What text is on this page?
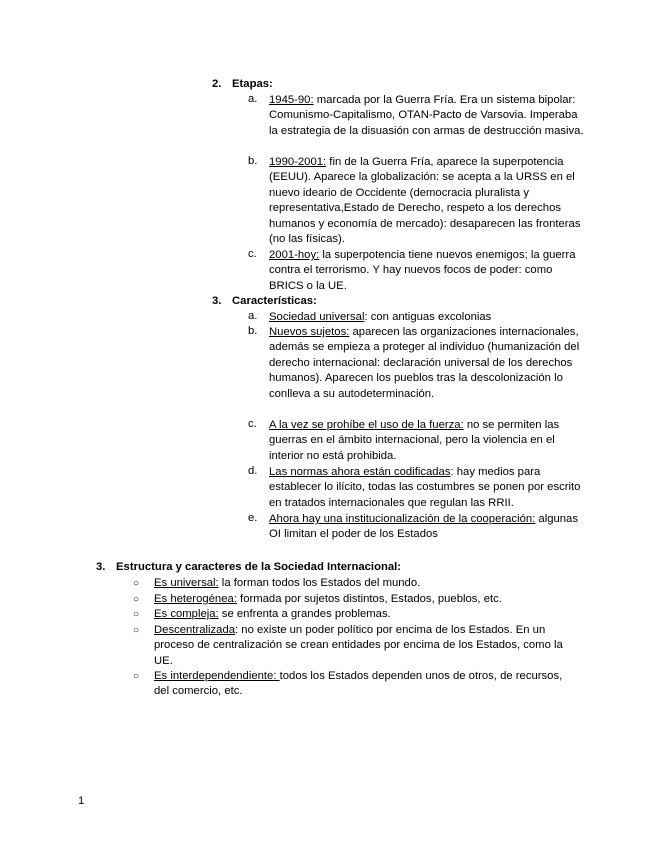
2. Etapas:
a. 1945-90: marcada por la Guerra Fría. Era un sistema bipolar: Comunismo-Capitalismo, OTAN-Pacto de Varsovia. Imperaba la estrategia de la disuasión con armas de destrucción masiva.

b. 1990-2001: fin de la Guerra Fría, aparece la superpotencia (EEUU). Aparece la globalización: se acepta a la URSS en el nuevo ideario de Occidente (democracia pluralista y representativa,Estado de Derecho, respeto a los derechos humanos y economía de mercado): desaparecen las fronteras (no las físicas).

c. 2001-hoy: la superpotencia tiene nuevos enemigos; la guerra contra el terrorismo. Y hay nuevos focos de poder: como BRICS o la UE.

3. Características:
a. Sociedad universal: con antiguas excolonias

b. Nuevos sujetos: aparecen las organizaciones internacionales, además se empieza a proteger al individuo (humanización del derecho internacional: declaración universal de los derechos humanos). Aparecen los pueblos tras la descolonización lo conlleva a su autodeterminación.

c. A la vez se prohíbe el uso de la fuerza: no se permiten las guerras en el ámbito internacional, pero la violencia en el interior no está prohibida.

d. Las normas ahora están codificadas: hay medios para establecer lo ilícito, todas las costumbres se ponen por escrito en tratados internacionales que regulan las RRII.

e. Ahora hay una institucionalización de la cooperación: algunas OI limitan el poder de los Estados

3. Estructura y caracteres de la Sociedad Internacional:
○ Es universal: la forman todos los Estados del mundo.

○ Es heterogénea: formada por sujetos distintos, Estados, pueblos, etc.

○ Es compleja: se enfrenta a grandes problemas.

○ Descentralizada: no existe un poder político por encima de los Estados. En un proceso de centralización se crean entidades por encima de los Estados, como la UE.

○ Es interdependendiente: todos los Estados dependen unos de otros, de recursos, del comercio, etc.

1
